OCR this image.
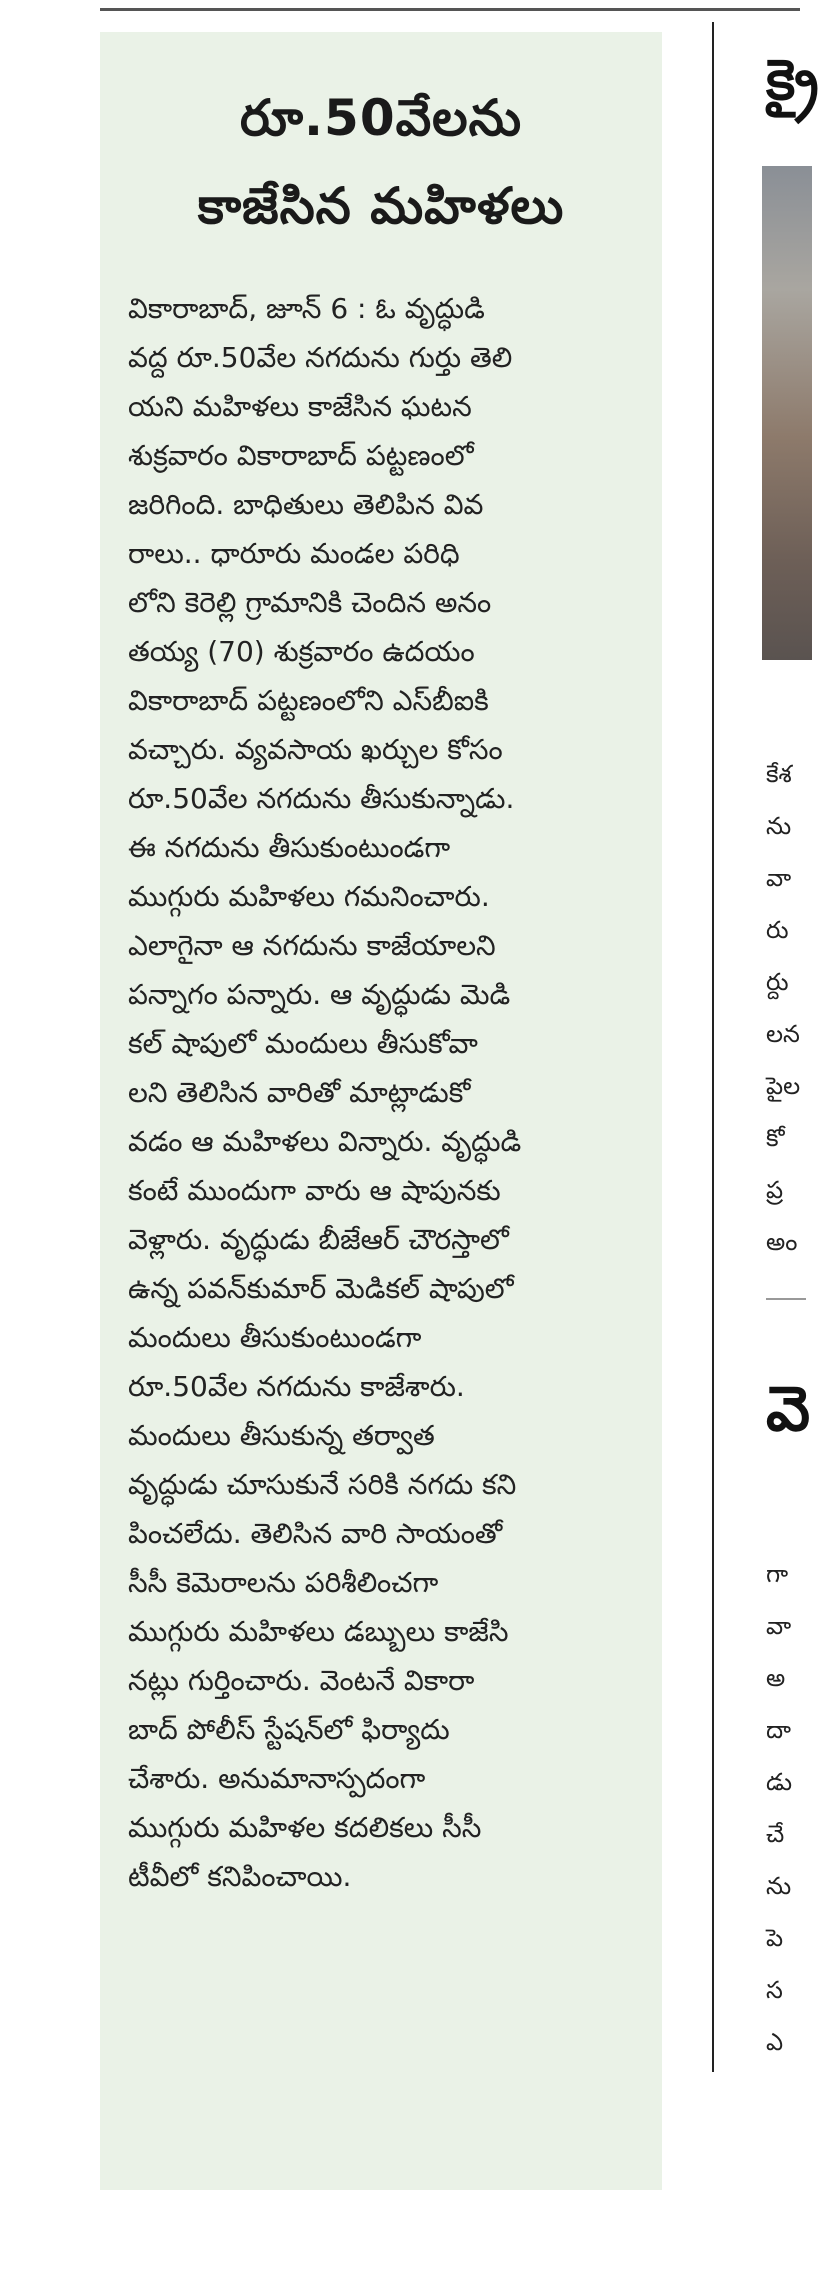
రూ.50వేలను
కాజేసిన మహిళలు
వికారాబాద్, జూన్ 6 : ఓ వృద్ధుడి
వద్ద రూ.50వేల నగదును గుర్తు తెలి
యని మహిళలు కాజేసిన ఘటన
శుక్రవారం వికారాబాద్ పట్టణంలో
జరిగింది. బాధితులు తెలిపిన వివ
రాలు.. ధారూరు మండల పరిధి
లోని కెరెల్లి గ్రామానికి చెందిన అనం
తయ్య (70) శుక్రవారం ఉదయం
వికారాబాద్ పట్టణంలోని ఎస్‌బీఐకి
వచ్చారు. వ్యవసాయ ఖర్చుల కోసం
రూ.50వేల నగదును తీసుకున్నాడు.
ఈ నగదును తీసుకుంటుండగా
ముగ్గురు మహిళలు గమనించారు.
ఎలాగైనా ఆ నగదును కాజేయాలని
పన్నాగం పన్నారు. ఆ వృద్ధుడు మెడి
కల్ షాపులో మందులు తీసుకోవా
లని తెలిసిన వారితో మాట్లాడుకో
వడం ఆ మహిళలు విన్నారు. వృద్ధుడి
కంటే ముందుగా వారు ఆ షాపునకు
వెళ్లారు. వృద్ధుడు బీజేఆర్ చౌరస్తాలో
ఉన్న పవన్‌కుమార్ మెడికల్ షాపులో
మందులు తీసుకుంటుండగా
రూ.50వేల నగదును కాజేశారు.
మందులు తీసుకున్న తర్వాత
వృద్ధుడు చూసుకునే సరికి నగదు కని
పించలేదు. తెలిసిన వారి సాయంతో
సీసీ కెమెరాలను పరిశీలించగా
ముగ్గురు మహిళలు డబ్బులు కాజేసి
నట్లు గుర్తించారు. వెంటనే వికారా
బాద్ పోలీస్ స్టేషన్‌లో ఫిర్యాదు
చేశారు. అనుమానాస్పదంగా
ముగ్గురు మహిళల కదలికలు సీసీ
టీవీలో కనిపించాయి.
క్రై
కేశ
ను
వా
రు
ర్దు
లన
పైల
కో
ప్ర
అం
వె
గా
వా
అ
దా
డు
చే
ను
పె
స
ఎ
